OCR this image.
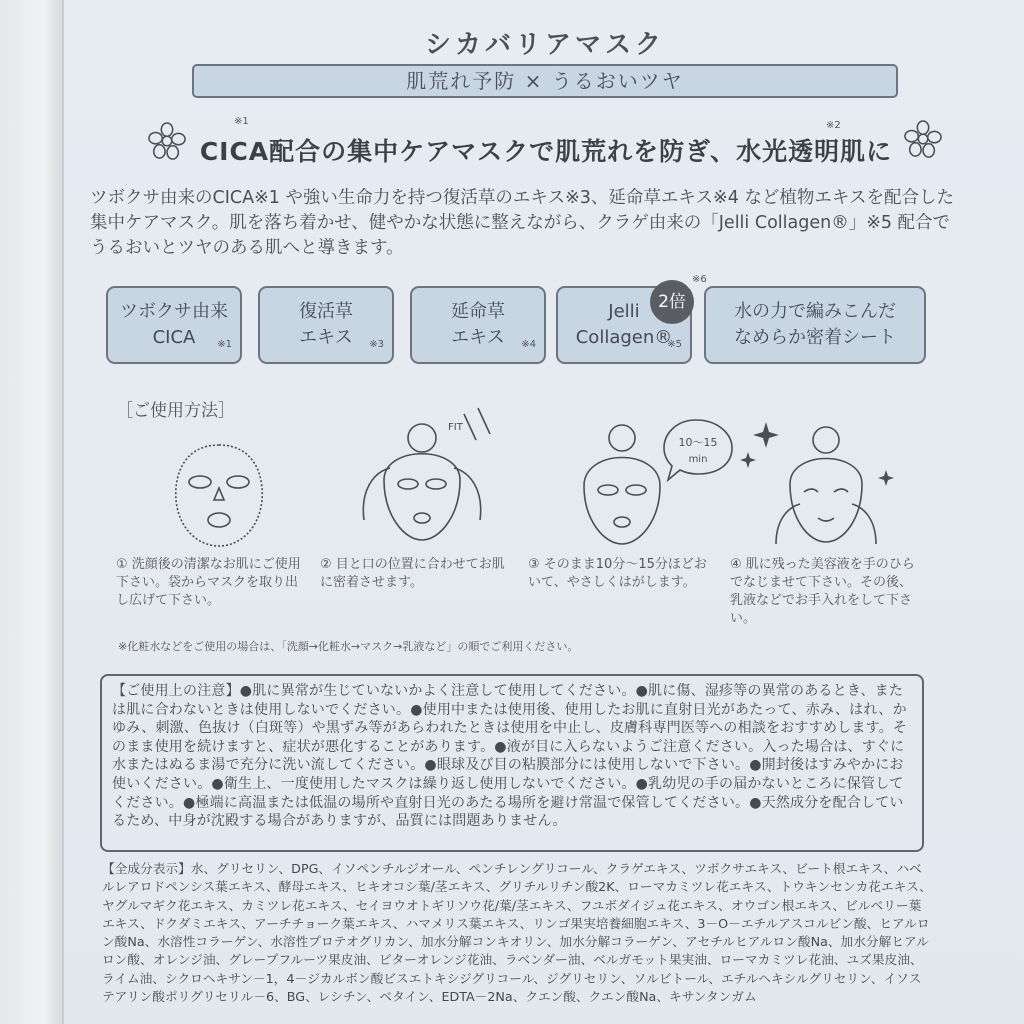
シカバリアマスク
肌荒れ予防 × うるおいツヤ
※1	※2
CICA配合の集中ケアマスクで肌荒れを防ぎ、水光透明肌に
ツボクサ由来のCICA※1 や強い生命力を持つ復活草のエキス※3、延命草エキス※4 など植物エキスを配合した集中ケアマスク。肌を落ち着かせ、健やかな状態に整えながら、クラゲ由来の「Jelli Collagen®」※5 配合でうるおいとツヤのある肌へと導きます。
ツボクサ由来
CICA	※1
復活草
エキス ※3
延命草
エキス ※4
Jelli
Collagen®
※5
2倍
※6
水の力で編みこんだ
なめらか密着シート
［ご使用方法］
FIT
10～15
min
① 洗顔後の清潔なお肌にご使用下さい。袋からマスクを取り出し広げて下さい。
② 目と口の位置に合わせてお肌に密着させます。
③ そのまま10分～15分ほどおいて、やさしくはがします。
④ 肌に残った美容液を手のひらでなじませて下さい。その後、乳液などでお手入れをして下さい。
※化粧水などをご使用の場合は、「洗顔→化粧水→マスク→乳液など」の順でご利用ください。
【ご使用上の注意】●肌に異常が生じていないかよく注意して使用してください。●肌に傷、湿疹等の異常のあるとき、または肌に合わないときは使用しないでください。●使用中または使用後、使用したお肌に直射日光があたって、赤み、はれ、かゆみ、刺激、色抜け（白斑等）や黒ずみ等があらわれたときは使用を中止し、皮膚科専門医等への相談をおすすめします。そのまま使用を続けますと、症状が悪化することがあります。●液が目に入らないようご注意ください。入った場合は、すぐに水またはぬるま湯で充分に洗い流してください。●眼球及び目の粘膜部分には使用しないで下さい。●開封後はすみやかにお使いください。●衛生上、一度使用したマスクは繰り返し使用しないでください。●乳幼児の手の届かないところに保管してください。●極端に高温または低温の場所や直射日光のあたる場所を避け常温で保管してください。●天然成分を配合しているため、中身が沈殿する場合がありますが、品質には問題ありません。
【全成分表示】水、グリセリン、DPG、イソペンチルジオール、ペンチレングリコール、クラゲエキス、ツボクサエキス、ビート根エキス、ハベルレアロドペンシス葉エキス、酵母エキス、ヒキオコシ葉/茎エキス、グリチルリチン酸2K、ローマカミツレ花エキス、トウキンセンカ花エキス、ヤグルマギク花エキス、カミツレ花エキス、セイヨウオトギリソウ花/葉/茎エキス、フユボダイジュ花エキス、オウゴン根エキス、ビルベリー葉エキス、ドクダミエキス、アーチチョーク葉エキス、ハマメリス葉エキス、リンゴ果実培養細胞エキス、3－O－エチルアスコルビン酸、ヒアルロン酸Na、水溶性コラーゲン、水溶性プロテオグリカン、加水分解コンキオリン、加水分解コラーゲン、アセチルヒアルロン酸Na、加水分解ヒアルロン酸、オレンジ油、グレープフルーツ果皮油、ビターオレンジ花油、ラベンダー油、ベルガモット果実油、ローマカミツレ花油、ユズ果皮油、ライム油、シクロヘキサン－1，4－ジカルボン酸ビスエトキシジグリコール、ジグリセリン、ソルビトール、エチルヘキシルグリセリン、イソステアリン酸ポリグリセリル－6、BG、レシチン、ベタイン、EDTA－2Na、クエン酸、クエン酸Na、キサンタンガム
